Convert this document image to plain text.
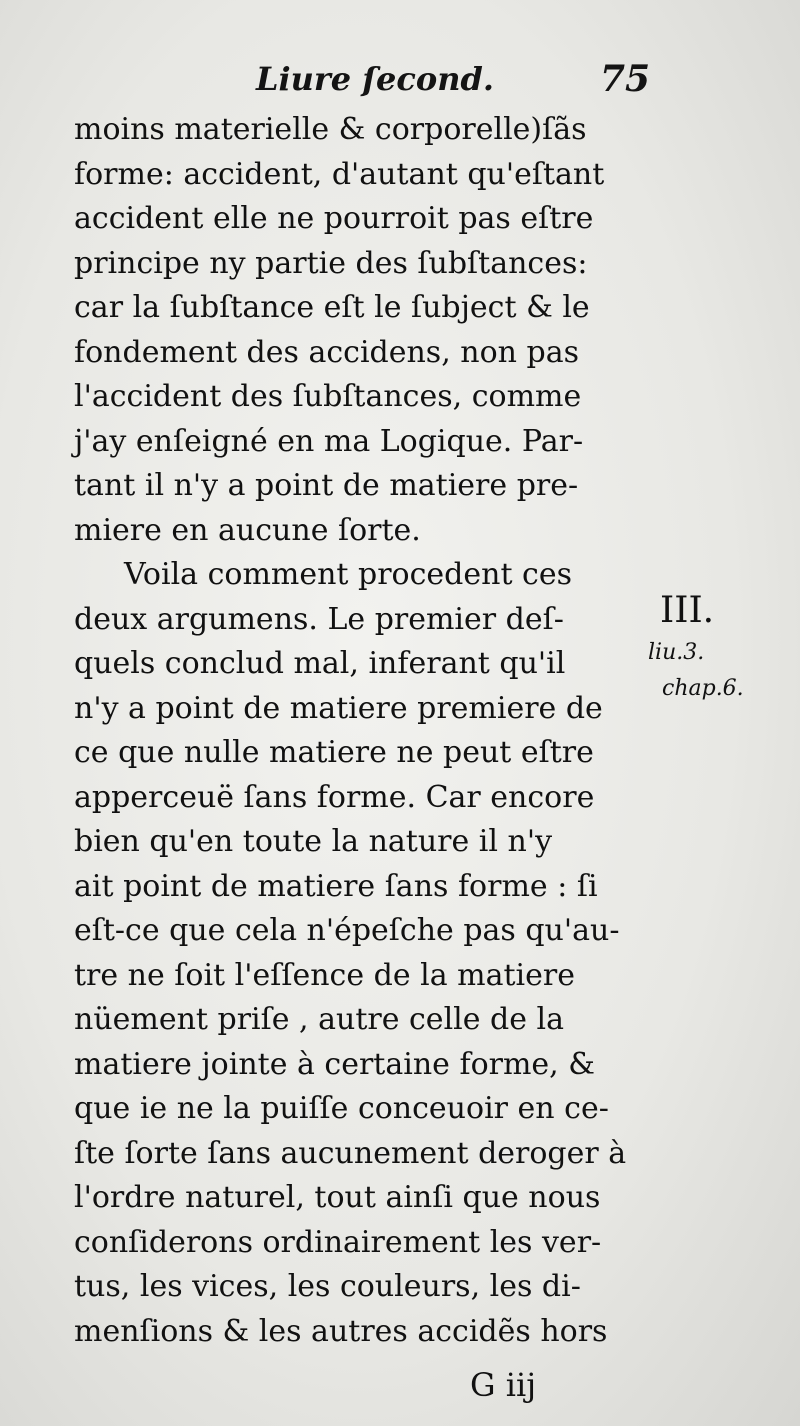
Liure ſecond.	75
moins materielle & corporelle)ſãs
forme: accident, d'autant qu'eſtant
accident elle ne pourroit pas eſtre
principe ny partie des ſubſtances:
car la ſubſtance eſt le ſubject & le
fondement des accidens, non pas
l'accident des ſubſtances, comme
j'ay enſeigné en ma Logique. Par-
tant il n'y a point de matiere pre-
miere en aucune ſorte.
Voila comment procedent ces
deux argumens. Le premier deſ-
quels conclud mal, inferant qu'il
n'y a point de matiere premiere de
ce que nulle matiere ne peut eſtre
apperceuë ſans forme. Car encore
bien qu'en toute la nature il n'y
ait point de matiere ſans forme : ſi
eſt-ce que cela n'épeſche pas qu'au-
tre ne ſoit l'eſſence de la matiere
nüement priſe , autre celle de la
matiere jointe à certaine forme, &
que ie ne la puiſſe conceuoir en ce-
ſte ſorte ſans aucunement deroger à
l'ordre naturel, tout ainſi que nous
conſiderons ordinairement les ver-
tus, les vices, les couleurs, les di-
menſions & les autres accidẽs hors
III.
liu.3.
chap.6.
G iij
